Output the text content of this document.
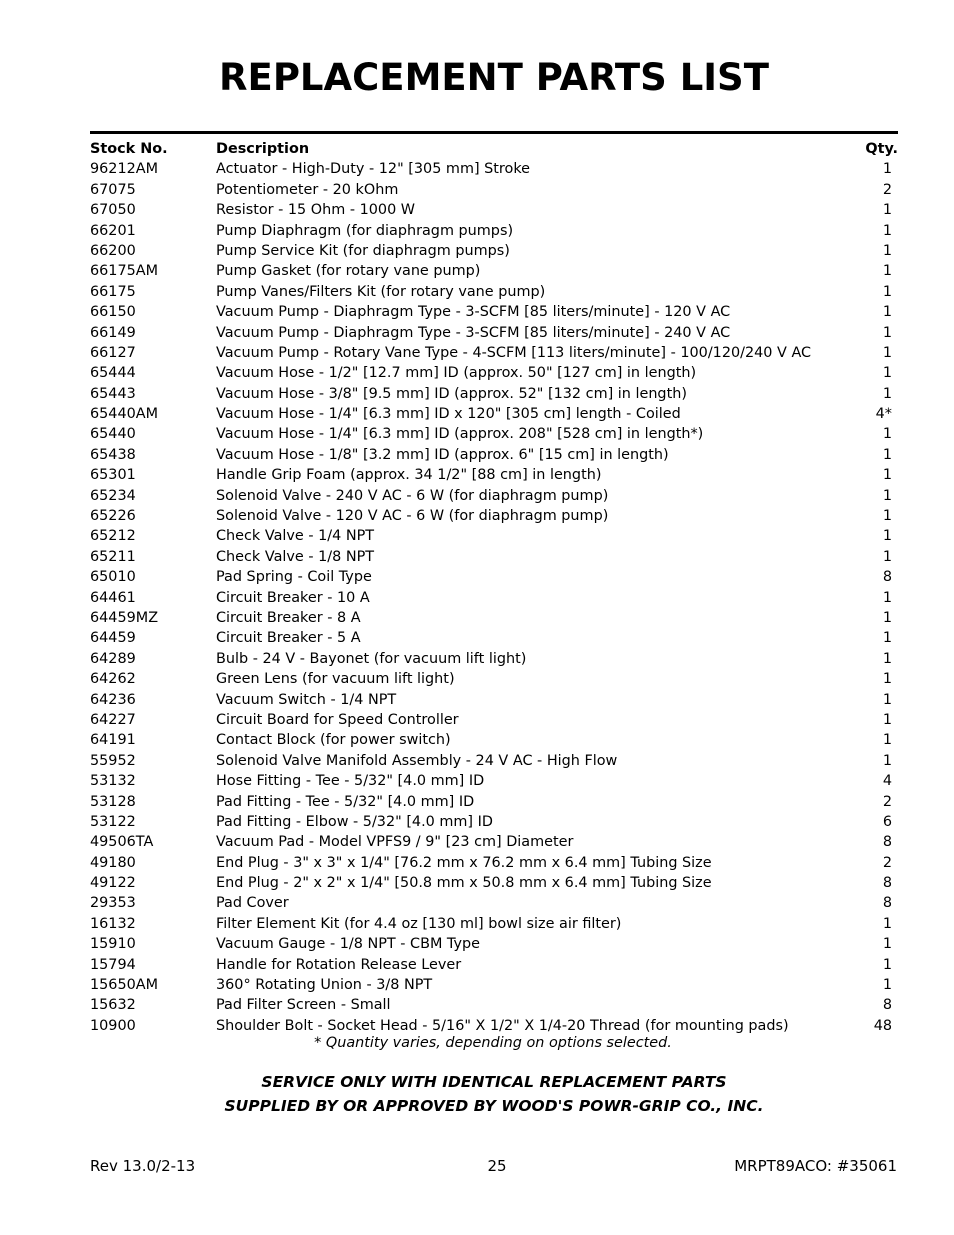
REPLACEMENT PARTS LIST
Stock No.	Description	Qty.
96212AM	Actuator - High-Duty - 12" [305 mm] Stroke	1
67075	Potentiometer - 20 kOhm	2
67050	Resistor - 15 Ohm - 1000 W	1
66201	Pump Diaphragm (for diaphragm pumps)	1
66200	Pump Service Kit (for diaphragm pumps)	1
66175AM	Pump Gasket (for rotary vane pump)	1
66175	Pump Vanes/Filters Kit (for rotary vane pump)	1
66150	Vacuum Pump - Diaphragm Type - 3-SCFM [85 liters/minute] - 120 V AC	1
66149	Vacuum Pump - Diaphragm Type - 3-SCFM [85 liters/minute] - 240 V AC	1
66127	Vacuum Pump - Rotary Vane Type - 4-SCFM [113 liters/minute] - 100/120/240 V AC	1
65444	Vacuum Hose - 1/2" [12.7 mm] ID (approx. 50" [127 cm] in length)	1
65443	Vacuum Hose - 3/8" [9.5 mm] ID (approx. 52" [132 cm] in length)	1
65440AM	Vacuum Hose - 1/4" [6.3 mm] ID x 120" [305 cm] length - Coiled	4*
65440	Vacuum Hose - 1/4" [6.3 mm] ID (approx. 208" [528 cm] in length*)	1
65438	Vacuum Hose - 1/8" [3.2 mm] ID (approx. 6" [15 cm] in length)	1
65301	Handle Grip Foam (approx. 34 1/2" [88 cm] in length)	1
65234	Solenoid Valve - 240 V AC - 6 W (for diaphragm pump)	1
65226	Solenoid Valve - 120 V AC - 6 W (for diaphragm pump)	1
65212	Check Valve - 1/4 NPT	1
65211	Check Valve - 1/8 NPT	1
65010	Pad Spring - Coil Type	8
64461	Circuit Breaker - 10 A	1
64459MZ	Circuit Breaker - 8 A	1
64459	Circuit Breaker - 5 A	1
64289	Bulb - 24 V - Bayonet (for vacuum lift light)	1
64262	Green Lens (for vacuum lift light)	1
64236	Vacuum Switch - 1/4 NPT	1
64227	Circuit Board for Speed Controller	1
64191	Contact Block (for power switch)	1
55952	Solenoid Valve Manifold Assembly - 24 V AC - High Flow	1
53132	Hose Fitting - Tee - 5/32" [4.0 mm] ID	4
53128	Pad Fitting - Tee - 5/32" [4.0 mm] ID	2
53122	Pad Fitting - Elbow - 5/32" [4.0 mm] ID	6
49506TA	Vacuum Pad - Model VPFS9 / 9" [23 cm] Diameter	8
49180	End Plug - 3" x 3" x 1/4" [76.2 mm x 76.2 mm x 6.4 mm] Tubing Size	2
49122	End Plug - 2" x 2" x 1/4" [50.8 mm x 50.8 mm x 6.4 mm] Tubing Size	8
29353	Pad Cover	8
16132	Filter Element Kit (for 4.4 oz [130 ml] bowl size air filter)	1
15910	Vacuum Gauge - 1/8 NPT - CBM Type	1
15794	Handle for Rotation Release Lever	1
15650AM	360° Rotating Union - 3/8 NPT	1
15632	Pad Filter Screen - Small	8
10900	Shoulder Bolt - Socket Head - 5/16" X 1/2" X 1/4-20 Thread (for mounting pads)	48
* Quantity varies, depending on options selected.
SERVICE ONLY WITH IDENTICAL REPLACEMENT PARTS
SUPPLIED BY OR APPROVED BY WOOD'S POWR-GRIP CO., INC.
Rev 13.0/2-13	25	MRPT89ACO: #35061
